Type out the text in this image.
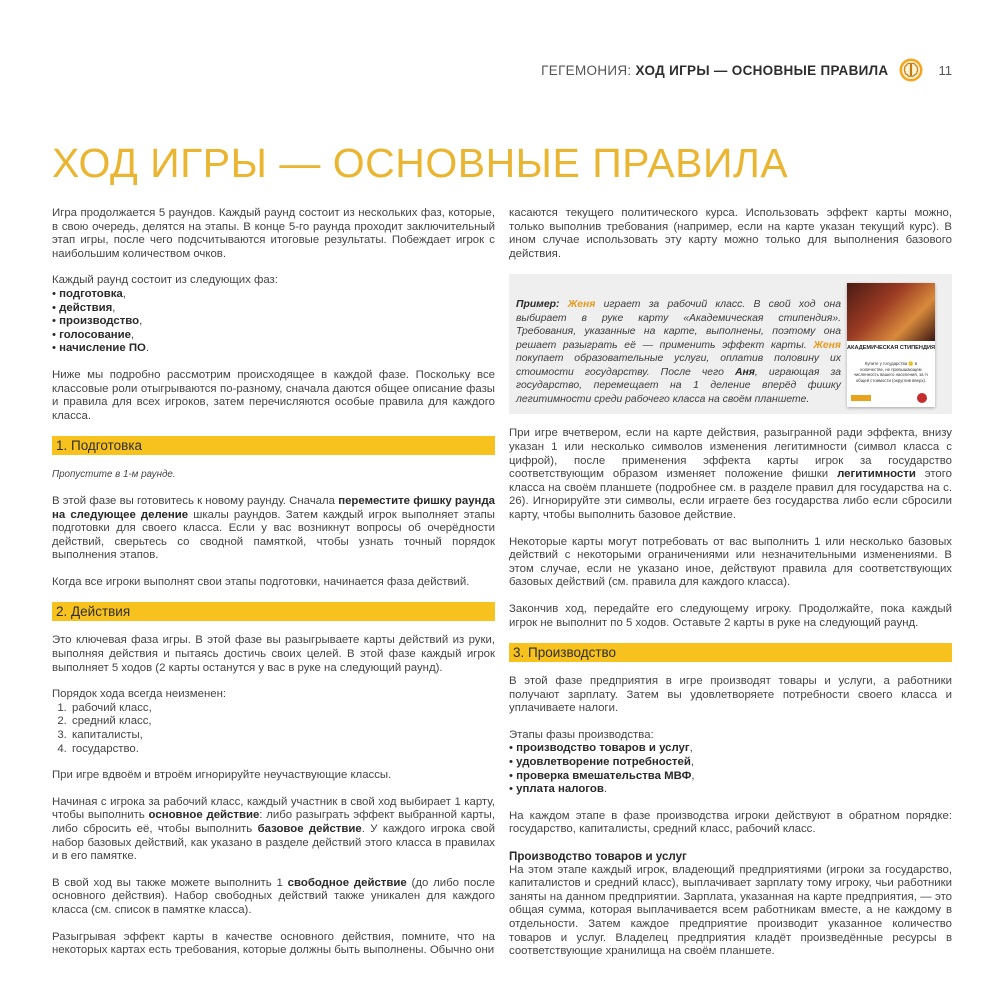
ГЕГЕМОНИЯ: ХОД ИГРЫ — ОСНОВНЫЕ ПРАВИЛА	11
ХОД ИГРЫ — ОСНОВНЫЕ ПРАВИЛА

Игра продолжается 5 раундов. Каждый раунд состоит из нескольких фаз, которые, в свою очередь, делятся на этапы. В конце 5-го раунда проходит заключительный этап игры, после чего подсчитываются итоговые результаты. Побеждает игрок с наибольшим количеством очков.

Каждый раунд состоит из следующих фаз:

• подготовка,
• действия,
• производство,
• голосование,
• начисление ПО.

Ниже мы подробно рассмотрим происходящее в каждой фазе. Поскольку все классовые роли отыгрываются по-разному, сначала даются общее описание фазы и правила для всех игроков, затем перечисляются особые правила для каждого класса.

1. Подготовка

Пропустите в 1-м раунде.

В этой фазе вы готовитесь к новому раунду. Сначала переместите фишку раунда на следующее деление шкалы раундов. Затем каждый игрок выполняет этапы подготовки для своего класса. Если у вас возникнут вопросы об очерёдности действий, сверьтесь со сводной памяткой, чтобы узнать точный порядок выполнения этапов.

Когда все игроки выполнят свои этапы подготовки, начинается фаза действий.

2. Действия

Это ключевая фаза игры. В этой фазе вы разыгрываете карты действий из руки, выполняя действия и пытаясь достичь своих целей. В этой фазе каждый игрок выполняет 5 ходов (2 карты останутся у вас в руке на следующий раунд).

Порядок хода всегда неизменен:

1. рабочий класс,
2. средний класс,
3. капиталисты,
4. государство.

При игре вдвоём и втроём игнорируйте неучаствующие классы.

Начиная с игрока за рабочий класс, каждый участник в свой ход выбирает 1 карту, чтобы выполнить основное действие: либо разыграть эффект выбранной карты, либо сбросить её, чтобы выполнить базовое действие. У каждого игрока свой набор базовых действий, как указано в разделе действий этого класса в правилах и в его памятке.

В свой ход вы также можете выполнить 1 свободное действие (до либо после основного действия). Набор свободных действий также уникален для каждого класса (см. список в памятке класса).

Разыгрывая эффект карты в качестве основного действия, помните, что на некоторых картах есть требования, которые должны быть выполнены. Обычно они

касаются текущего политического курса. Использовать эффект карты можно, только выполнив требования (например, если на карте указан текущий курс). В ином случае использовать эту карту можно только для выполнения базового действия.

Пример: Женя играет за рабочий класс. В свой ход она выбирает в руке карту «Академическая стипендия». Требования, указанные на карте, выполнены, поэтому она решает разыграть её — применить эффект карты. Женя покупает образовательные услуги, оплатив половину их стоимости государству. После чего Аня, играющая за государство, перемещает на 1 деление вперёд фишку легитимности среди рабочего класса на своём планшете.
АКАДЕМИЧЕСКАЯ СТИПЕНДИЯ
Купите у государства 🙂 в количестве, не превышающем численность вашего населения, за ½ общей стоимости (округлив вверх).

При игре вчетвером, если на карте действия, разыгранной ради эффекта, внизу указан 1 или несколько символов изменения легитимности (символ класса с цифрой), после применения эффекта карты игрок за государство соответствующим образом изменяет положение фишки легитимности этого класса на своём планшете (подробнее см. в разделе правил для государства на с. 26). Игнорируйте эти символы, если играете без государства либо если сбросили карту, чтобы выполнить базовое действие.

Некоторые карты могут потребовать от вас выполнить 1 или несколько базовых действий с некоторыми ограничениями или незначительными изменениями. В этом случае, если не указано иное, действуют правила для соответствующих базовых действий (см. правила для каждого класса).

Закончив ход, передайте его следующему игроку. Продолжайте, пока каждый игрок не выполнит по 5 ходов. Оставьте 2 карты в руке на следующий раунд.

3. Производство

В этой фазе предприятия в игре производят товары и услуги, а работники получают зарплату. Затем вы удовлетворяете потребности своего класса и уплачиваете налоги.

Этапы фазы производства:

• производство товаров и услуг,
• удовлетворение потребностей,
• проверка вмешательства МВФ,
• уплата налогов.

На каждом этапе в фазе производства игроки действуют в обратном порядке: государство, капиталисты, средний класс, рабочий класс.

Производство товаров и услуг

На этом этапе каждый игрок, владеющий предприятиями (игроки за государство, капиталистов и средний класс), выплачивает зарплату тому игроку, чьи работники заняты на данном предприятии. Зарплата, указанная на карте предприятия, — это общая сумма, которая выплачивается всем работникам вместе, а не каждому в отдельности. Затем каждое предприятие производит указанное количество товаров и услуг. Владелец предприятия кладёт произведённые ресурсы в соответствующие хранилища на своём планшете.
